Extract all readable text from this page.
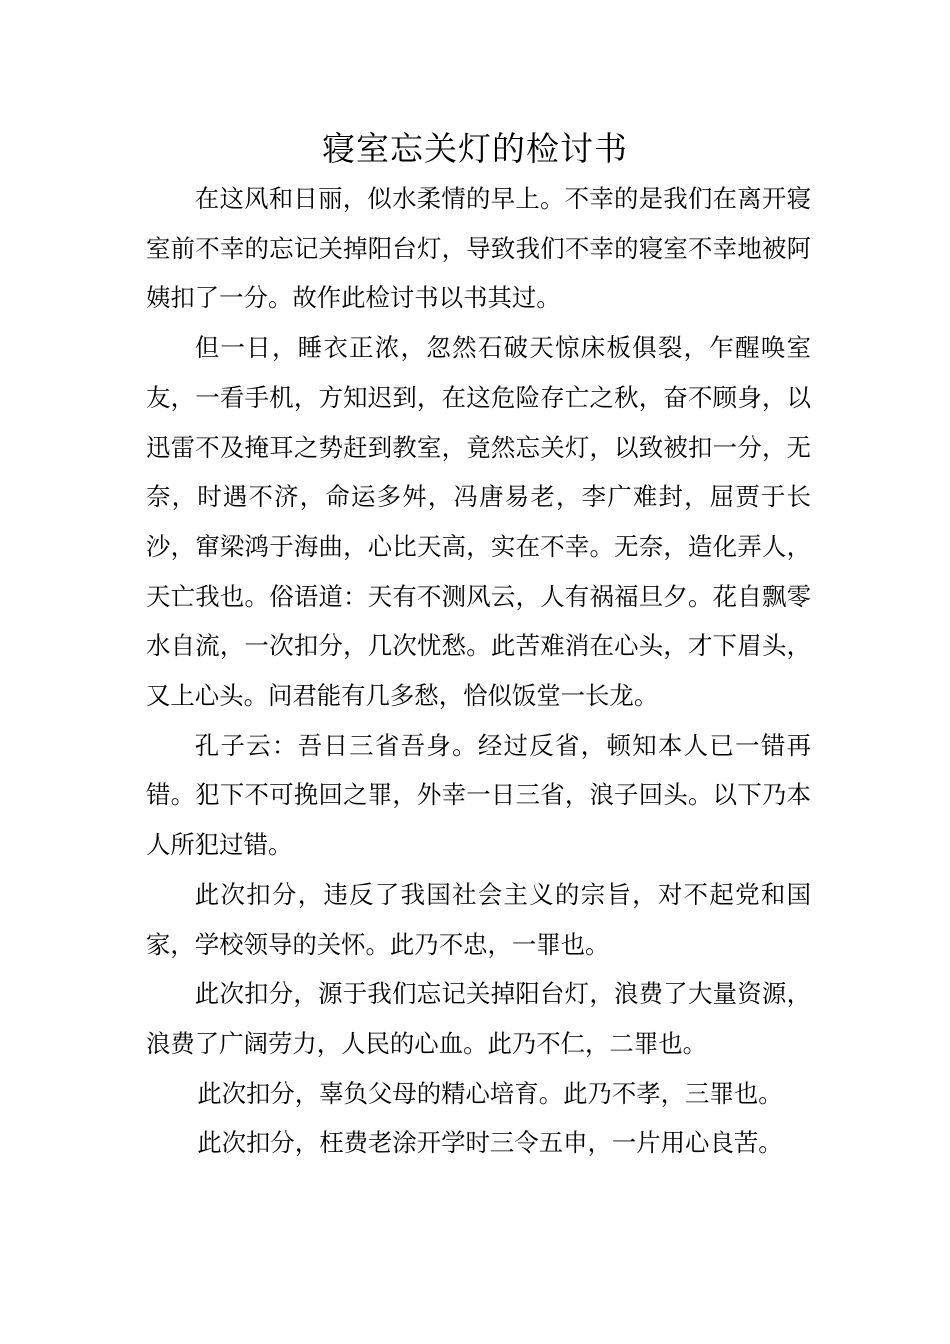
寝室忘关灯的检讨书

在这风和日丽，似水柔情的早上。不幸的是我们在离开寝室前不幸的忘记关掉阳台灯，导致我们不幸的寝室不幸地被阿姨扣了一分。故作此检讨书以书其过。

但一日，睡衣正浓，忽然石破天惊床板俱裂，乍醒唤室友，一看手机，方知迟到，在这危险存亡之秋，奋不顾身，以迅雷不及掩耳之势赶到教室，竟然忘关灯，以致被扣一分，无奈，时遇不济，命运多舛，冯唐易老，李广难封，屈贾于长沙，窜梁鸿于海曲，心比天高，实在不幸。无奈，造化弄人，天亡我也。俗语道：天有不测风云，人有祸福旦夕。花自飘零水自流，一次扣分，几次忧愁。此苦难消在心头，才下眉头，又上心头。问君能有几多愁，恰似饭堂一长龙。

孔子云：吾日三省吾身。经过反省，顿知本人已一错再错。犯下不可挽回之罪，外幸一日三省，浪子回头。以下乃本人所犯过错。

此次扣分，违反了我国社会主义的宗旨，对不起党和国家，学校领导的关怀。此乃不忠，一罪也。

此次扣分，源于我们忘记关掉阳台灯，浪费了大量资源，浪费了广阔劳力，人民的心血。此乃不仁，二罪也。

此次扣分，辜负父母的精心培育。此乃不孝，三罪也。

此次扣分，枉费老涂开学时三令五申，一片用心良苦。
